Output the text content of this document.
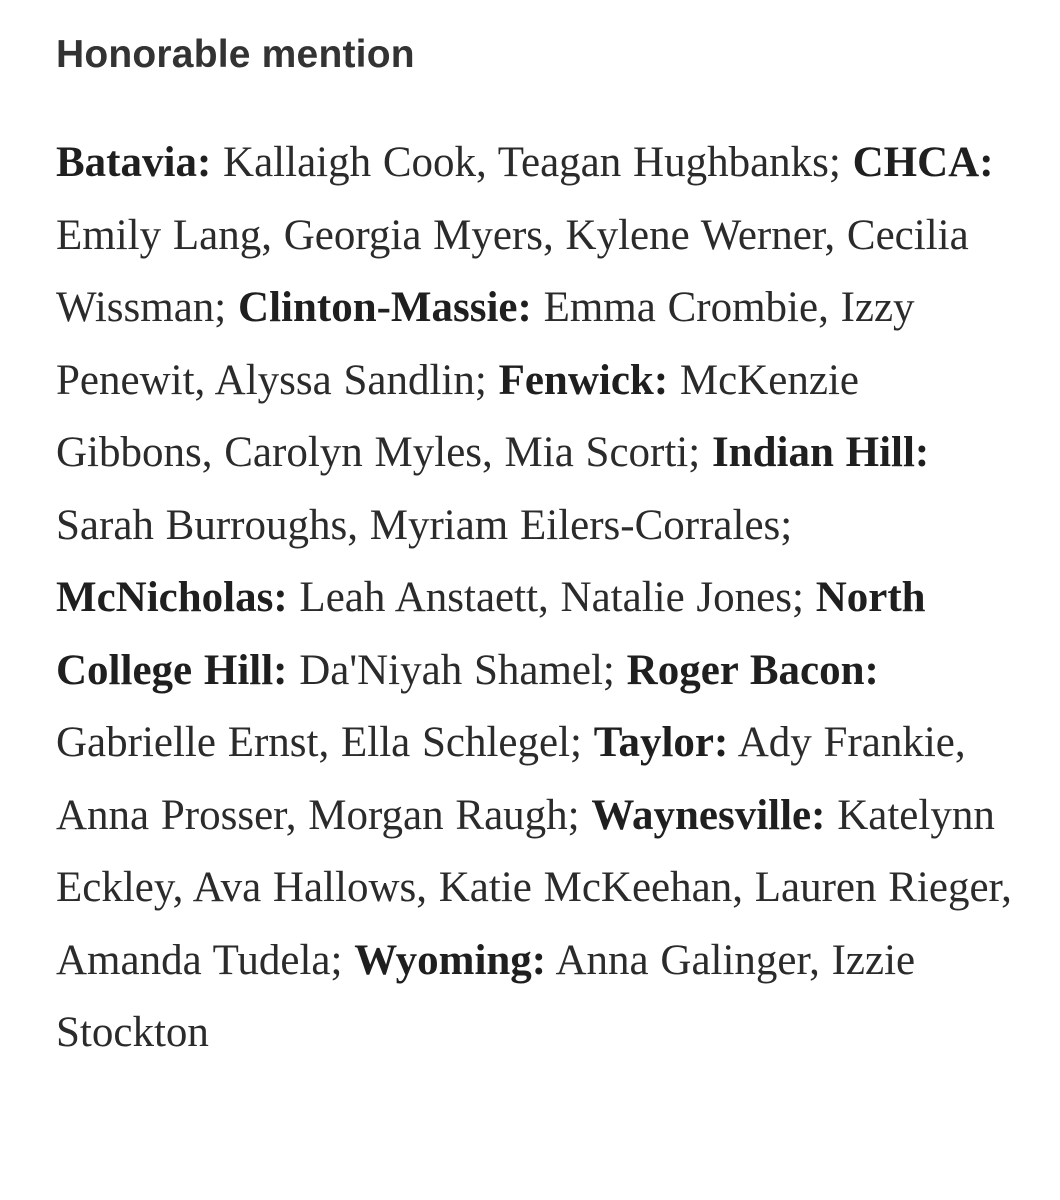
Honorable mention

Batavia: Kallaigh Cook, Teagan Hughbanks; CHCA: Emily Lang, Georgia Myers, Kylene Werner, Cecilia Wissman; Clinton-Massie: Emma Crombie, Izzy Penewit, Alyssa Sandlin; Fenwick: McKenzie Gibbons, Carolyn Myles, Mia Scorti; Indian Hill: Sarah Burroughs, Myriam Eilers-Corrales; McNicholas: Leah Anstaett, Natalie Jones; North College Hill: Da'Niyah Shamel; Roger Bacon: Gabrielle Ernst, Ella Schlegel; Taylor: Ady Frankie, Anna Prosser, Morgan Raugh; Waynesville: Katelynn Eckley, Ava Hallows, Katie McKeehan, Lauren Rieger, Amanda Tudela; Wyoming: Anna Galinger, Izzie Stockton
